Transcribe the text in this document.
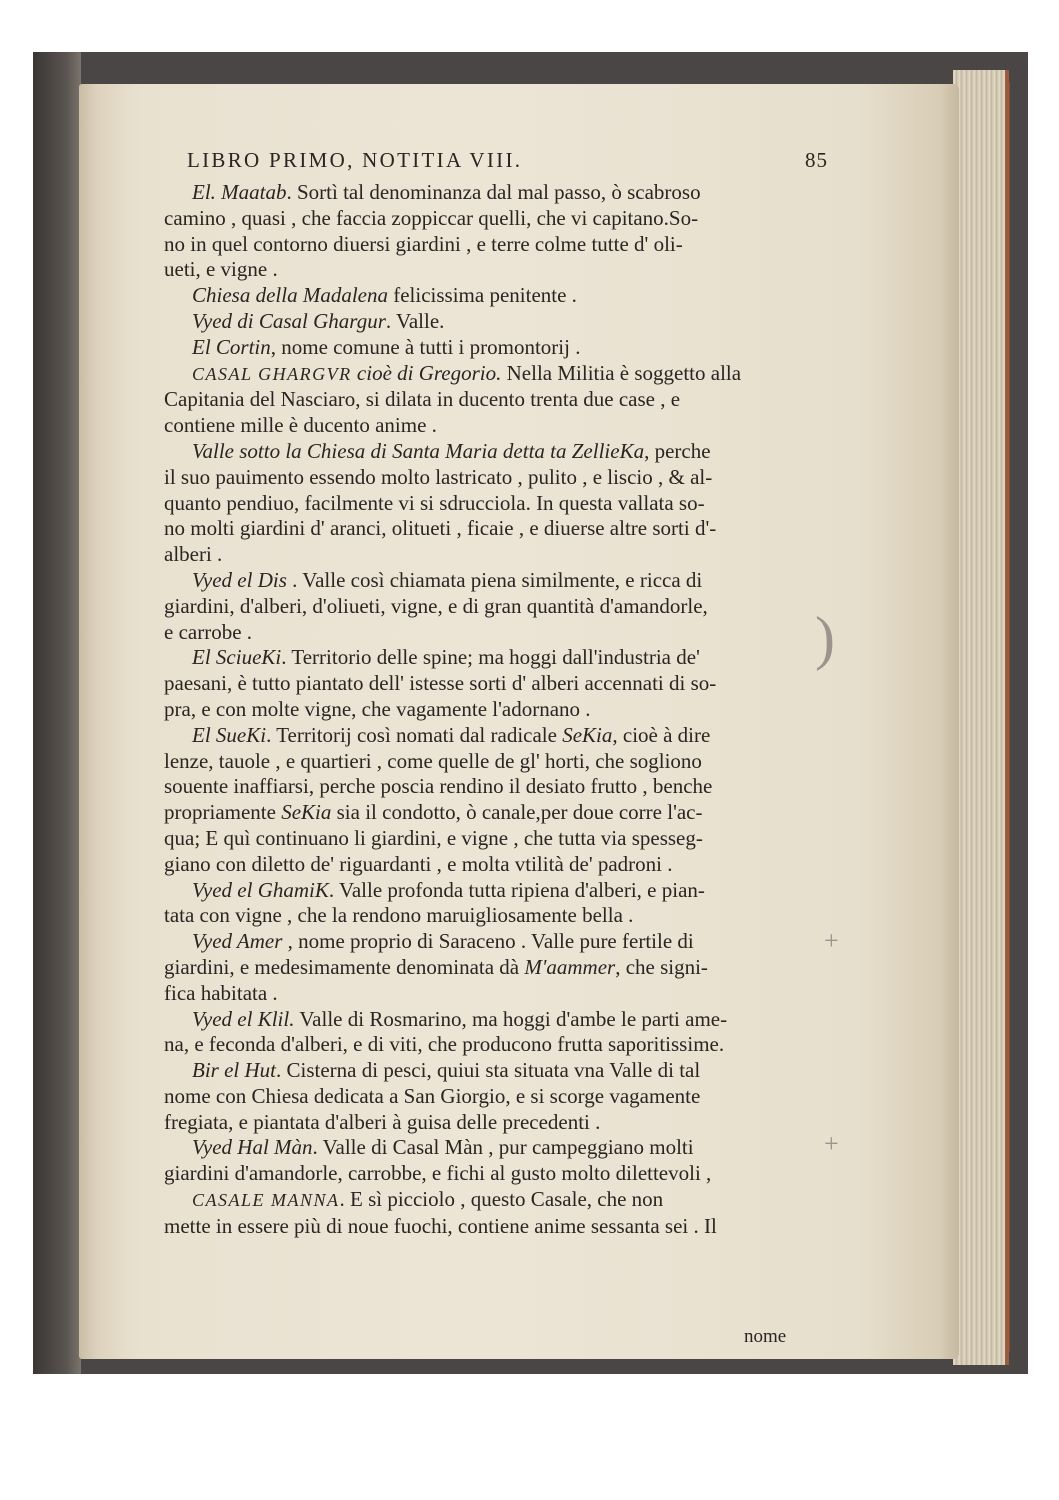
LIBRO PRIMO, NOTITIA VIII.	85
El. Maatab. Sortì tal denominanza dal mal passo, ò scabroso
camino , quasi , che faccia zoppiccar quelli, che vi capitano.So-
no in quel contorno diuersi giardini , e terre colme tutte d' oli-
ueti, e vigne .
Chiesa della Madalena felicissima penitente .
Vyed di Casal Ghargur. Valle.
El Cortin, nome comune à tutti i promontorij .
CASAL GHARGVR cioè di Gregorio. Nella Militia è soggetto alla
Capitania del Nasciaro, si dilata in ducento trenta due case , e
contiene mille è ducento anime .
Valle sotto la Chiesa di Santa Maria detta ta ZellieKa, perche
il suo pauimento essendo molto lastricato , pulito , e liscio , & al-
quanto pendiuo, facilmente vi si sdrucciola. In questa vallata so-
no molti giardini d' aranci, olitueti , ficaie , e diuerse altre sorti d'-
alberi .
Vyed el Dis . Valle così chiamata piena similmente, e ricca di
giardini, d'alberi, d'oliueti, vigne, e di gran quantità d'amandorle,
e carrobe .
El SciueKi. Territorio delle spine; ma hoggi dall'industria de'
paesani, è tutto piantato dell' istesse sorti d' alberi accennati di so-
pra, e con molte vigne, che vagamente l'adornano .
El SueKi. Territorij così nomati dal radicale SeKia, cioè à dire
lenze, tauole , e quartieri , come quelle de gl' horti, che sogliono
souente inaffiarsi, perche poscia rendino il desiato frutto , benche
propriamente SeKia sia il condotto, ò canale,per doue corre l'ac-
qua; E quì continuano li giardini, e vigne , che tutta via spesseg-
giano con diletto de' riguardanti , e molta vtilità de' padroni .
Vyed el GhamiK. Valle profonda tutta ripiena d'alberi, e pian-
tata con vigne , che la rendono maruigliosamente bella .
Vyed Amer , nome proprio di Saraceno . Valle pure fertile di
giardini, e medesimamente denominata dà M'aammer, che signi-
fica habitata .
Vyed el Klil. Valle di Rosmarino, ma hoggi d'ambe le parti ame-
na, e feconda d'alberi, e di viti, che producono frutta saporitissime.
Bir el Hut. Cisterna di pesci, quiui sta situata vna Valle di tal
nome con Chiesa dedicata a San Giorgio, e si scorge vagamente
fregiata, e piantata d'alberi à guisa delle precedenti .
Vyed Hal Màn. Valle di Casal Màn , pur campeggiano molti
giardini d'amandorle, carrobbe, e fichi al gusto molto dilettevoli ,
CASALE MANNA. E sì picciolo , questo Casale, che non
mette in essere più di noue fuochi, contiene anime sessanta sei . Il
nome
)
+
+
